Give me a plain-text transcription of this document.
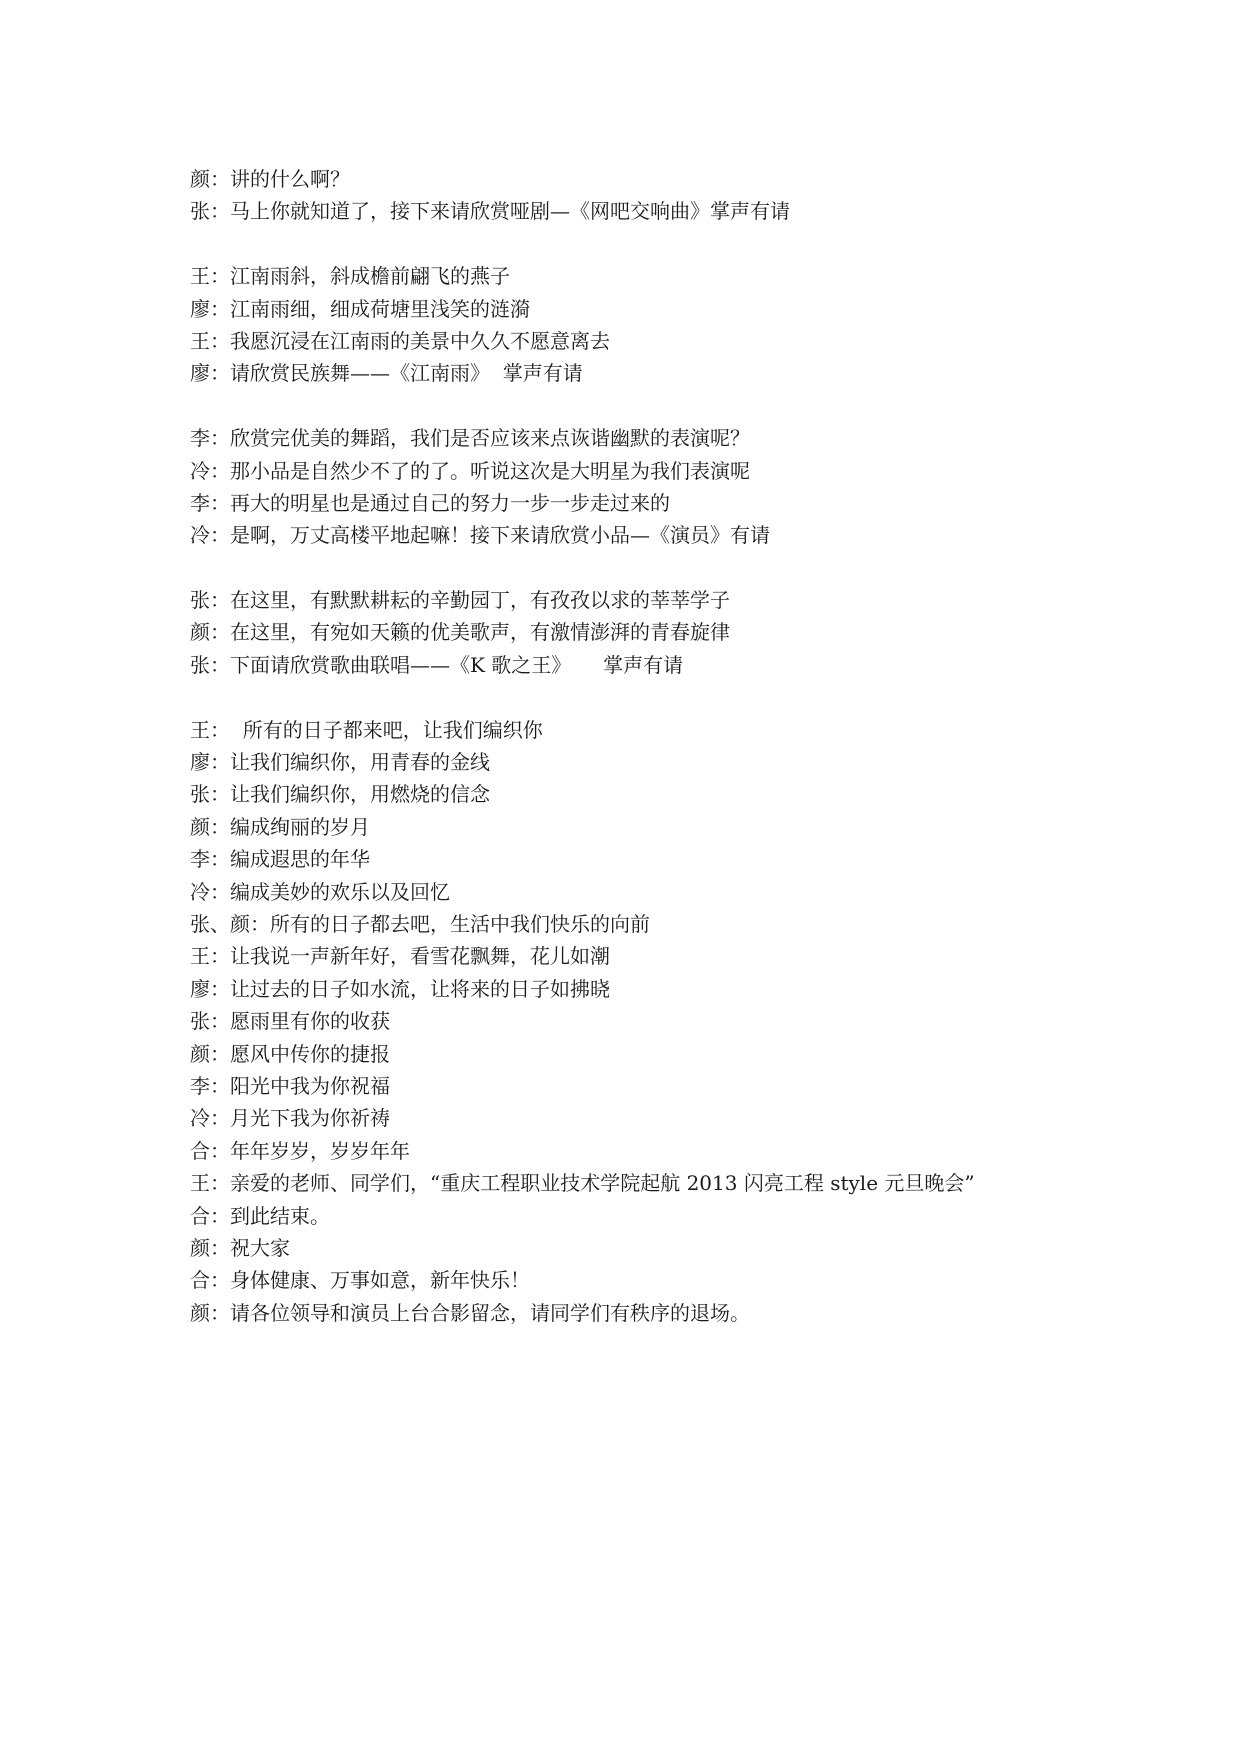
颜：讲的什么啊？
张：马上你就知道了，接下来请欣赏哑剧—《网吧交响曲》掌声有请
王：江南雨斜，斜成檐前翩飞的燕子
廖：江南雨细，细成荷塘里浅笑的涟漪
王：我愿沉浸在江南雨的美景中久久不愿意离去
廖：请欣赏民族舞——《江南雨》  掌声有请
李：欣赏完优美的舞蹈，我们是否应该来点诙谐幽默的表演呢？
冷：那小品是自然少不了的了。听说这次是大明星为我们表演呢
李：再大的明星也是通过自己的努力一步一步走过来的
冷：是啊，万丈高楼平地起嘛！接下来请欣赏小品—《演员》有请
张：在这里，有默默耕耘的辛勤园丁，有孜孜以求的莘莘学子
颜：在这里，有宛如天籁的优美歌声，有激情澎湃的青春旋律
张：下面请欣赏歌曲联唱——《K 歌之王》     掌声有请
王：  所有的日子都来吧，让我们编织你
廖：让我们编织你，用青春的金线
张：让我们编织你，用燃烧的信念
颜：编成绚丽的岁月
李：编成遐思的年华
冷：编成美妙的欢乐以及回忆
张、颜：所有的日子都去吧，生活中我们快乐的向前
王：让我说一声新年好，看雪花飘舞，花儿如潮
廖：让过去的日子如水流，让将来的日子如拂晓
张：愿雨里有你的收获
颜：愿风中传你的捷报
李：阳光中我为你祝福
冷：月光下我为你祈祷
合：年年岁岁，岁岁年年
王：亲爱的老师、同学们，“重庆工程职业技术学院起航 2013 闪亮工程 style 元旦晚会”
合：到此结束。
颜：祝大家
合：身体健康、万事如意，新年快乐！
颜：请各位领导和演员上台合影留念，请同学们有秩序的退场。
